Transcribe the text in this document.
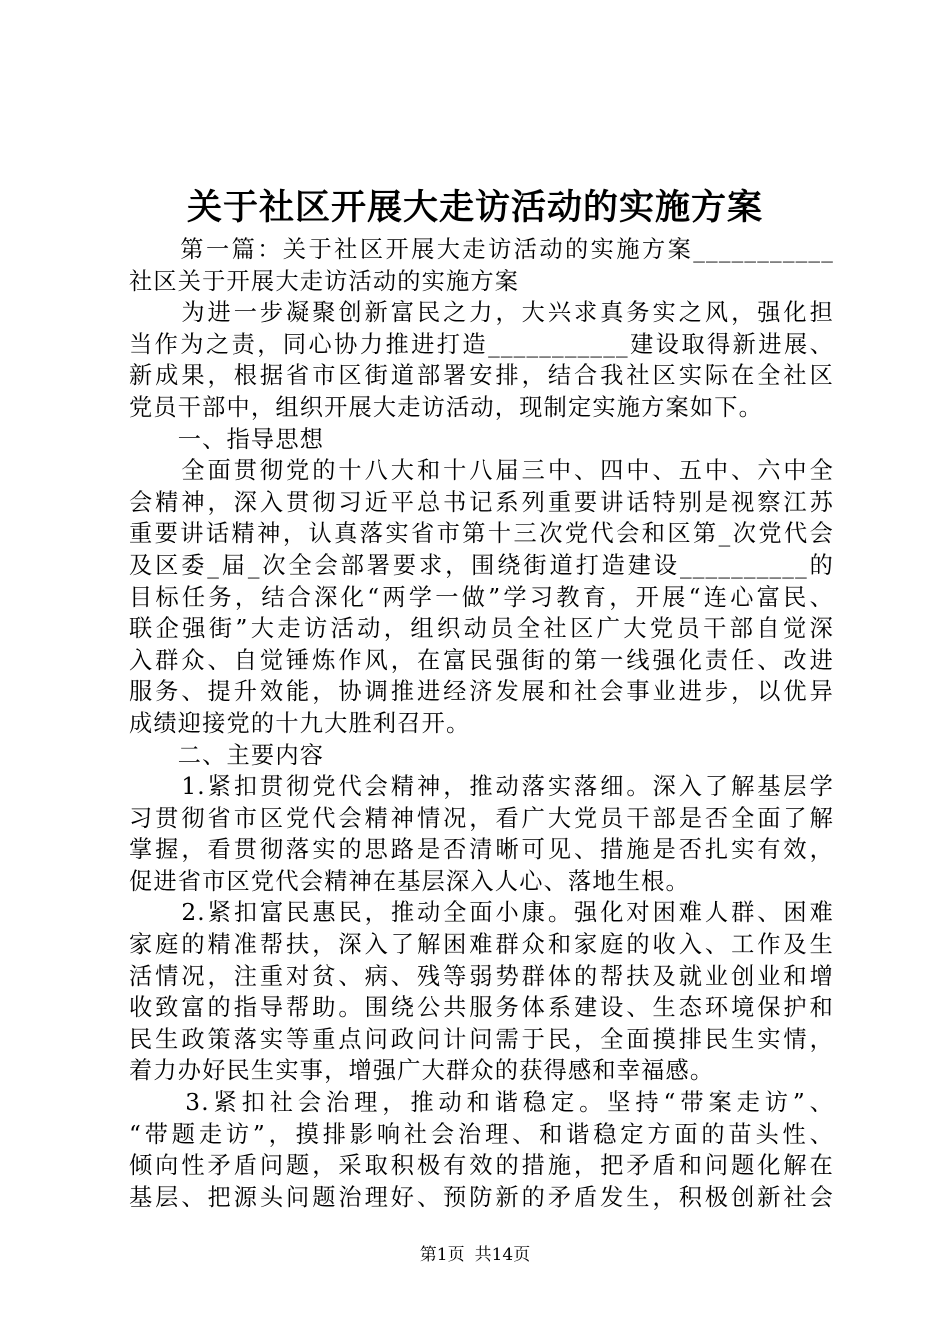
关于社区开展大走访活动的实施方案
　　第一篇：关于社区开展大走访活动的实施方案___________
社区关于开展大走访活动的实施方案
　　为进一步凝聚创新富民之力，大兴求真务实之风，强化担
当作为之责，同心协力推进打造___________建设取得新进展、
新成果，根据省市区街道部署安排，结合我社区实际在全社区
党员干部中，组织开展大走访活动，现制定实施方案如下。
　　一、指导思想
　　全面贯彻党的十八大和十八届三中、四中、五中、六中全
会精神，深入贯彻习近平总书记系列重要讲话特别是视察江苏
重要讲话精神，认真落实省市第十三次党代会和区第_次党代会
及区委_届_次全会部署要求，围绕街道打造建设__________的
目标任务，结合深化“两学一做”学习教育，开展“连心富民、
联企强街”大走访活动，组织动员全社区广大党员干部自觉深
入群众、自觉锤炼作风，在富民强街的第一线强化责任、改进
服务、提升效能，协调推进经济发展和社会事业进步，以优异
成绩迎接党的十九大胜利召开。
　　二、主要内容
　　1.紧扣贯彻党代会精神，推动落实落细。深入了解基层学
习贯彻省市区党代会精神情况，看广大党员干部是否全面了解
掌握，看贯彻落实的思路是否清晰可见、措施是否扎实有效，
促进省市区党代会精神在基层深入人心、落地生根。
　　2.紧扣富民惠民，推动全面小康。强化对困难人群、困难
家庭的精准帮扶，深入了解困难群众和家庭的收入、工作及生
活情况，注重对贫、病、残等弱势群体的帮扶及就业创业和增
收致富的指导帮助。围绕公共服务体系建设、生态环境保护和
民生政策落实等重点问政问计问需于民，全面摸排民生实情，
着力办好民生实事，增强广大群众的获得感和幸福感。
　　3.紧扣社会治理，推动和谐稳定。坚持“带案走访”、
“带题走访”，摸排影响社会治理、和谐稳定方面的苗头性、
倾向性矛盾问题，采取积极有效的措施，把矛盾和问题化解在
基层、把源头问题治理好、预防新的矛盾发生，积极创新社会
第1页 共14页
